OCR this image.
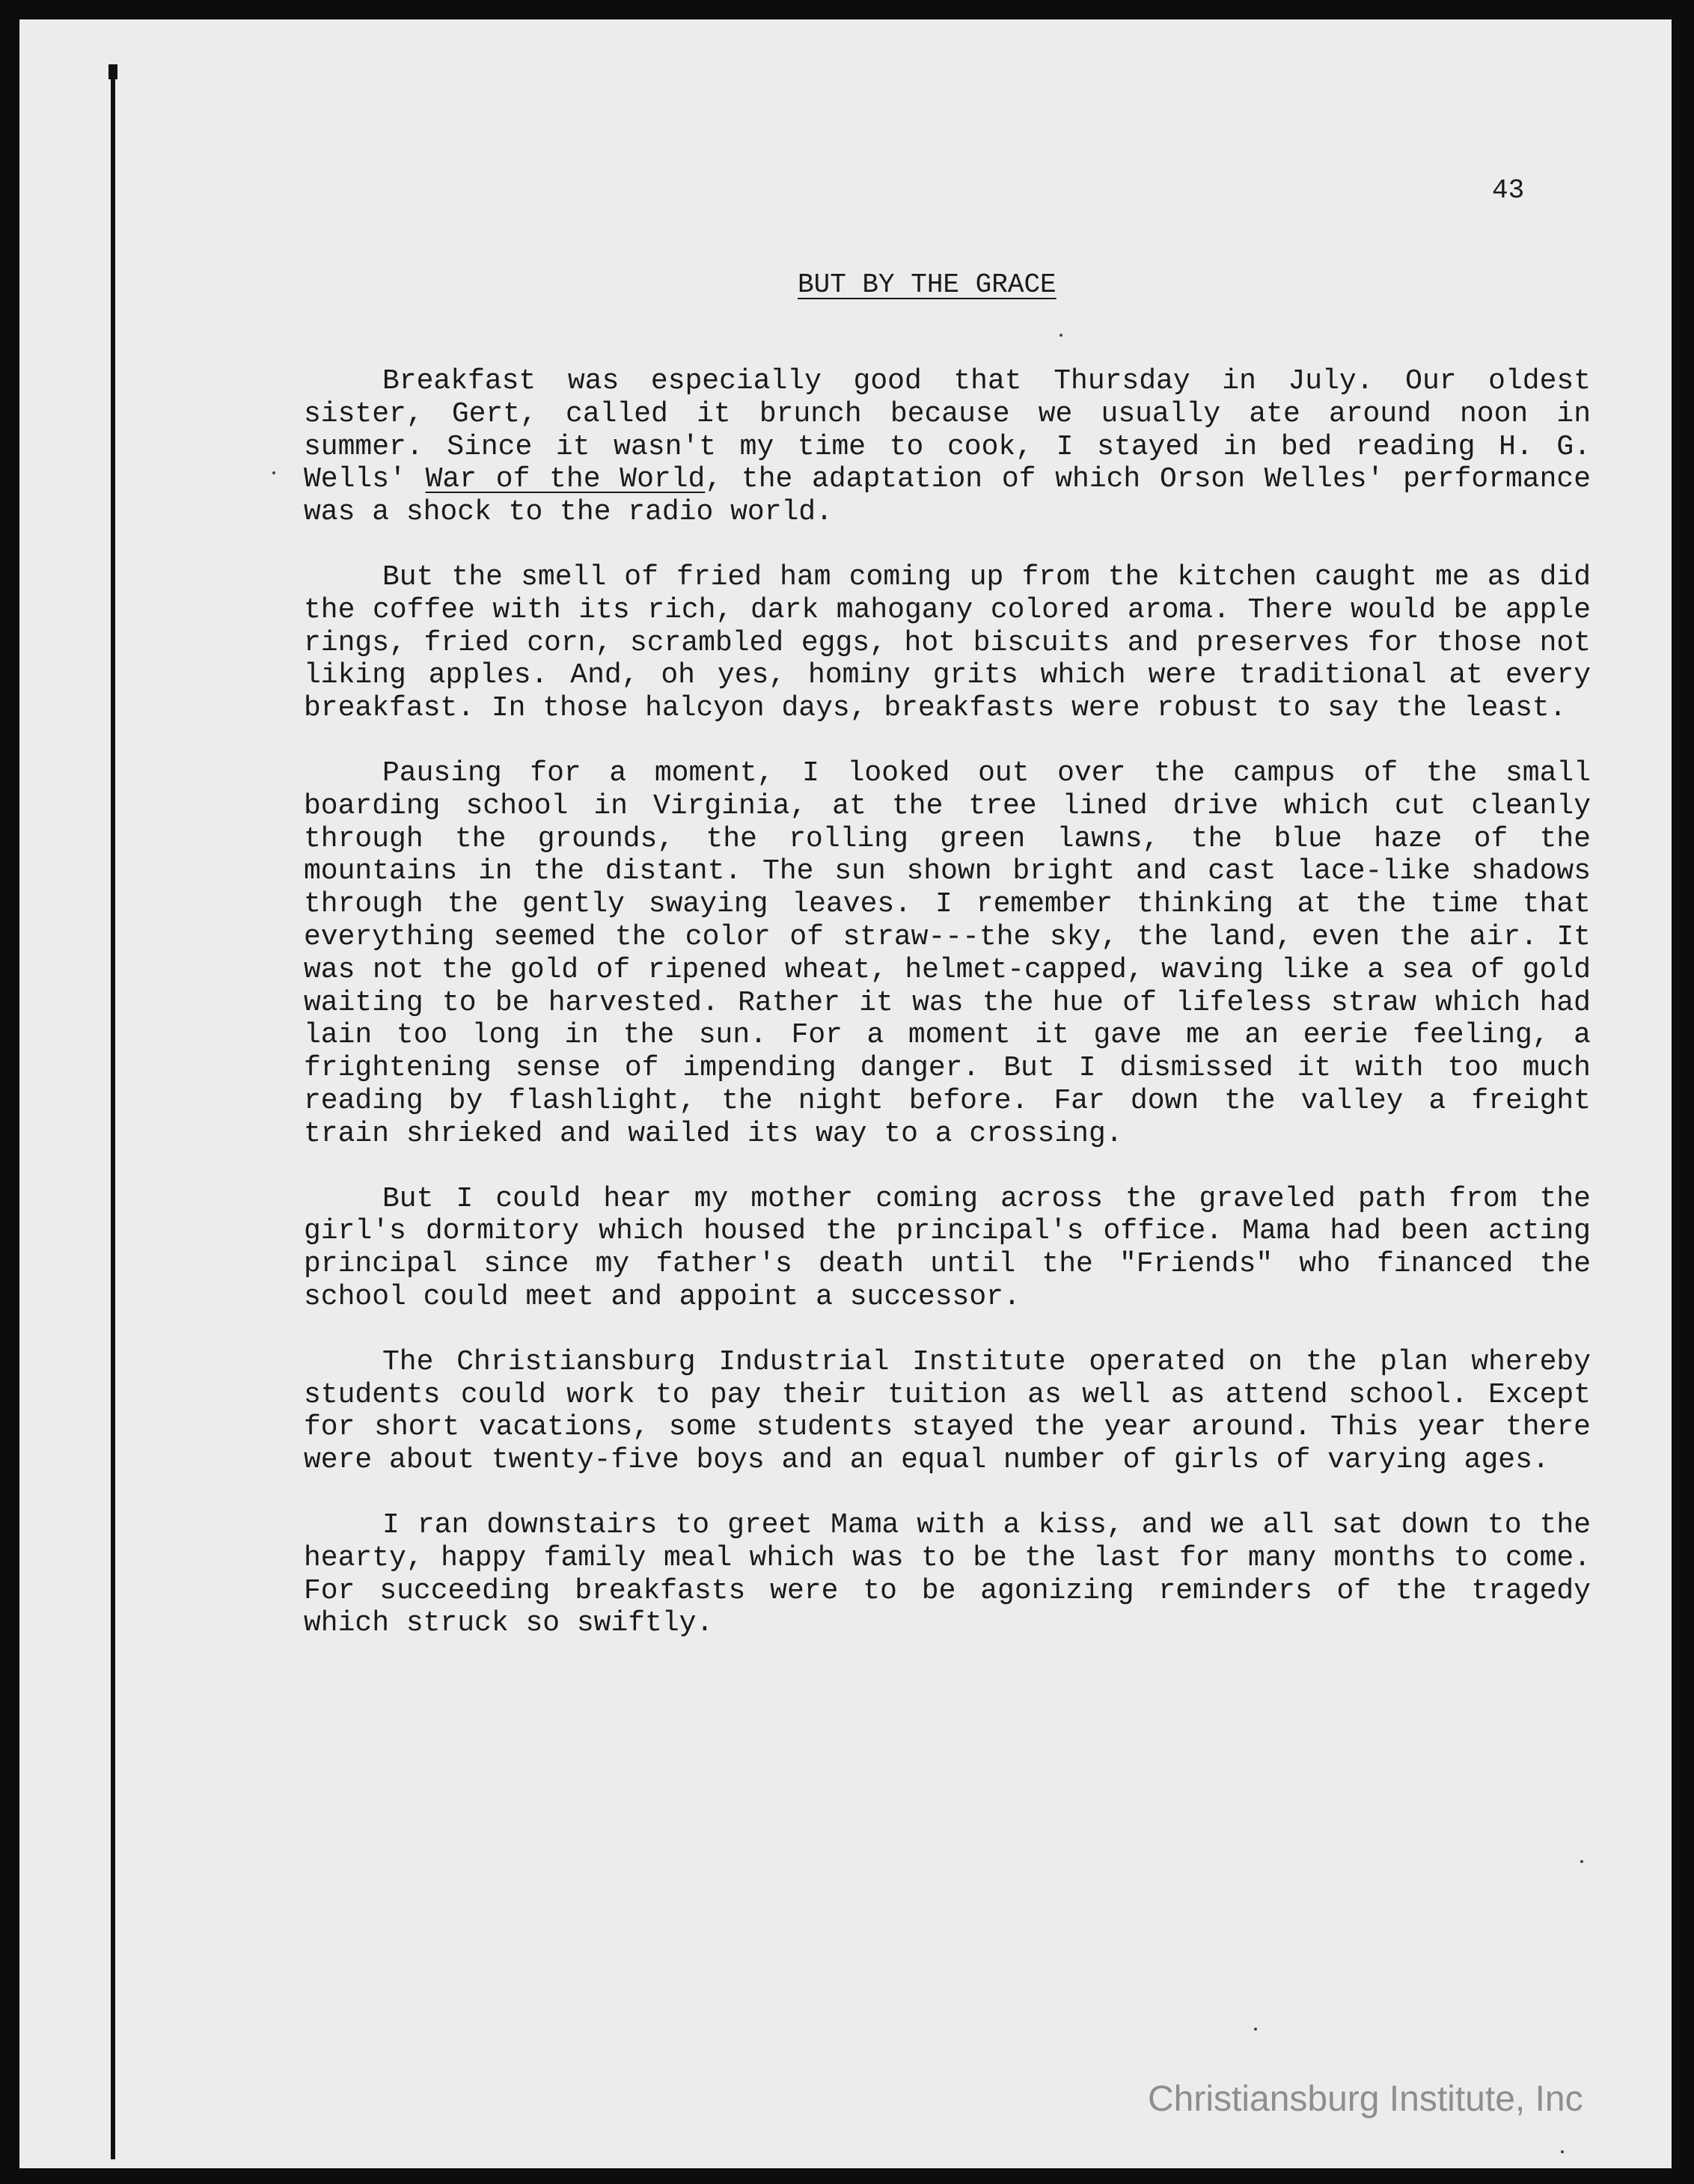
43
BUT BY THE GRACE

Breakfast was especially good that Thursday in July. Our oldest sister, Gert, called it brunch because we usually ate around noon in summer. Since it wasn't my time to cook, I stayed in bed reading H. G. Wells' War of the World, the adaptation of which Orson Welles' performance was a shock to the radio world.

But the smell of fried ham coming up from the kitchen caught me as did the coffee with its rich, dark mahogany colored aroma. There would be apple rings, fried corn, scrambled eggs, hot biscuits and preserves for those not liking apples. And, oh yes, hominy grits which were traditional at every breakfast. In those halcyon days, breakfasts were robust to say the least.

Pausing for a moment, I looked out over the campus of the small boarding school in Virginia, at the tree lined drive which cut cleanly through the grounds, the rolling green lawns, the blue haze of the mountains in the distant. The sun shown bright and cast lace-like shadows through the gently swaying leaves. I remember thinking at the time that everything seemed the color of straw---the sky, the land, even the air. It was not the gold of ripened wheat, helmet-capped, waving like a sea of gold waiting to be harvested. Rather it was the hue of lifeless straw which had lain too long in the sun. For a moment it gave me an eerie feeling, a frightening sense of impending danger. But I dismissed it with too much reading by flashlight, the night before. Far down the valley a freight train shrieked and wailed its way to a crossing.

But I could hear my mother coming across the graveled path from the girl's dormitory which housed the principal's office. Mama had been acting principal since my father's death until the "Friends" who financed the school could meet and appoint a successor.

The Christiansburg Industrial Institute operated on the plan whereby students could work to pay their tuition as well as attend school. Except for short vacations, some students stayed the year around. This year there were about twenty-five boys and an equal number of girls of varying ages.

I ran downstairs to greet Mama with a kiss, and we all sat down to the hearty, happy family meal which was to be the last for many months to come. For succeeding breakfasts were to be agonizing reminders of the tragedy which struck so swiftly.

Christiansburg Institute, Inc
